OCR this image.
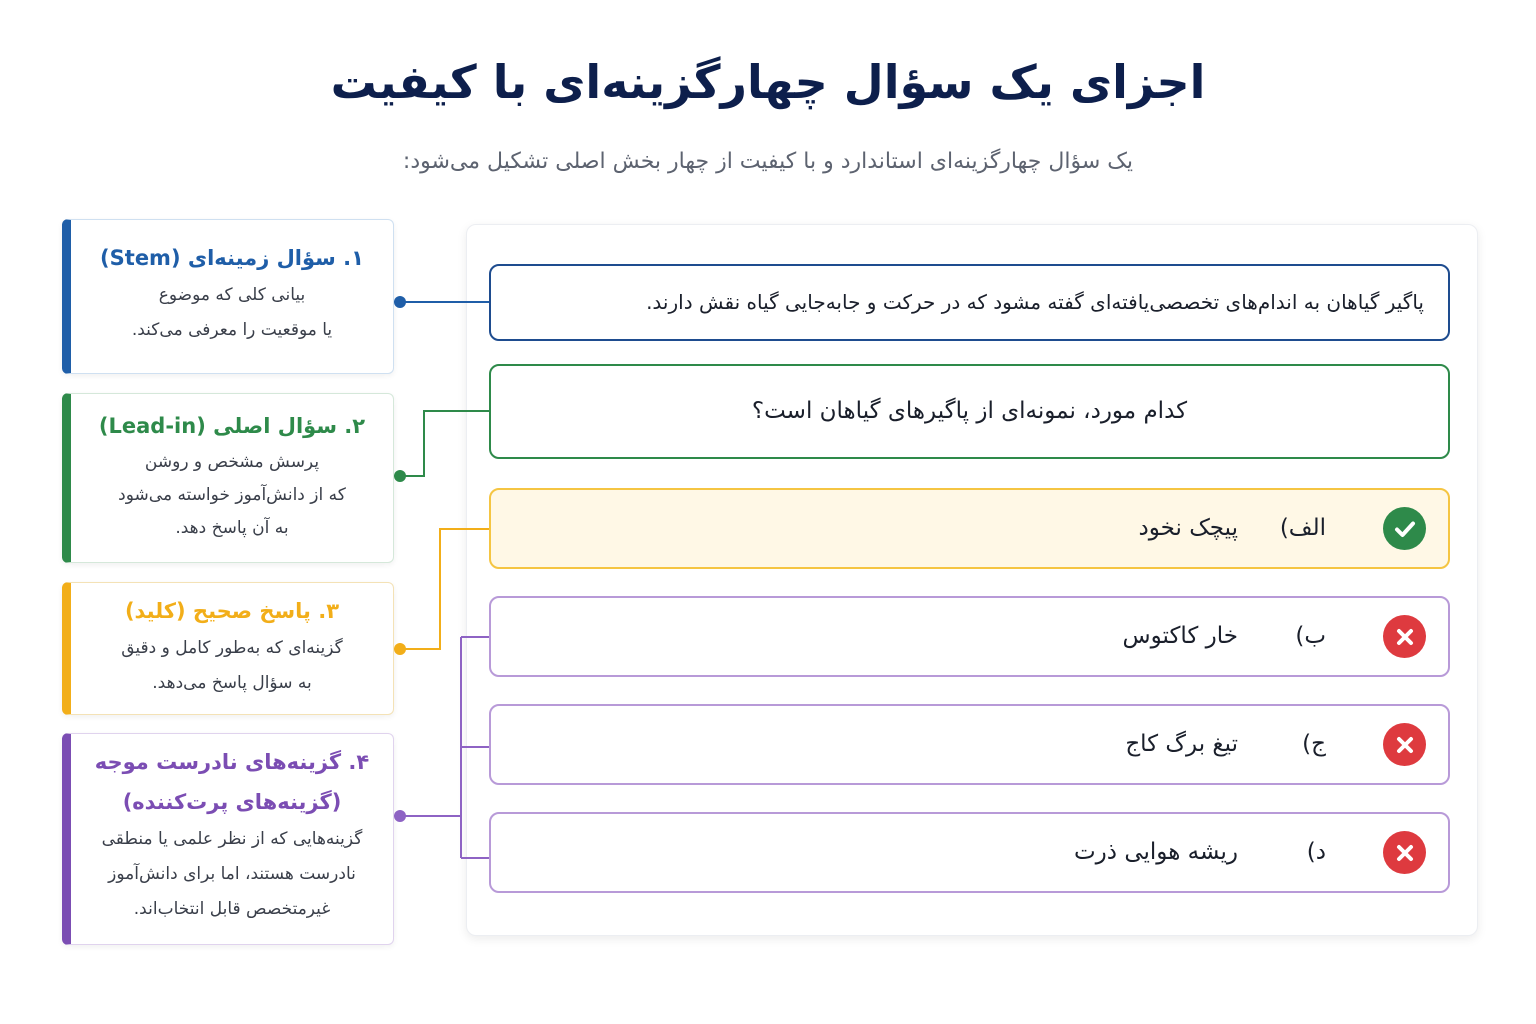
اجزای یک سؤال چهارگزینه‌ای با کیفیت

یک سؤال چهارگزینه‌ای استاندارد و با کیفیت از چهار بخش اصلی تشکیل می‌شود:

۱. سؤال زمینه‌ای (Stem)
بیانی کلی که موضوع
یا موقعیت را معرفی می‌کند.
۲. سؤال اصلی (Lead-in)
پرسش مشخص و روشن
که از دانش‌آموز خواسته می‌شود
به آن پاسخ دهد.
۳. پاسخ صحیح (کلید)
گزینه‌ای که به‌طور کامل و دقیق
به سؤال پاسخ می‌دهد.
۴. گزینه‌های نادرست موجه
(گزینه‌های پرت‌کننده)
گزینه‌هایی که از نظر علمی یا منطقی
نادرست هستند، اما برای دانش‌آموز
غیرمتخصص قابل انتخاب‌اند.
پاگیر گیاهان به اندام‌های تخصصی‌یافته‌ای گفته مشود که در حرکت و جابه‌جایی گیاه نقش دارند.
کدام مورد، نمونه‌ای از پاگیرهای گیاهان است؟
الف)
پیچک نخود
ب)
خار کاکتوس
ج)
تیغ برگ کاج
د)
ریشه هوایی ذرت
